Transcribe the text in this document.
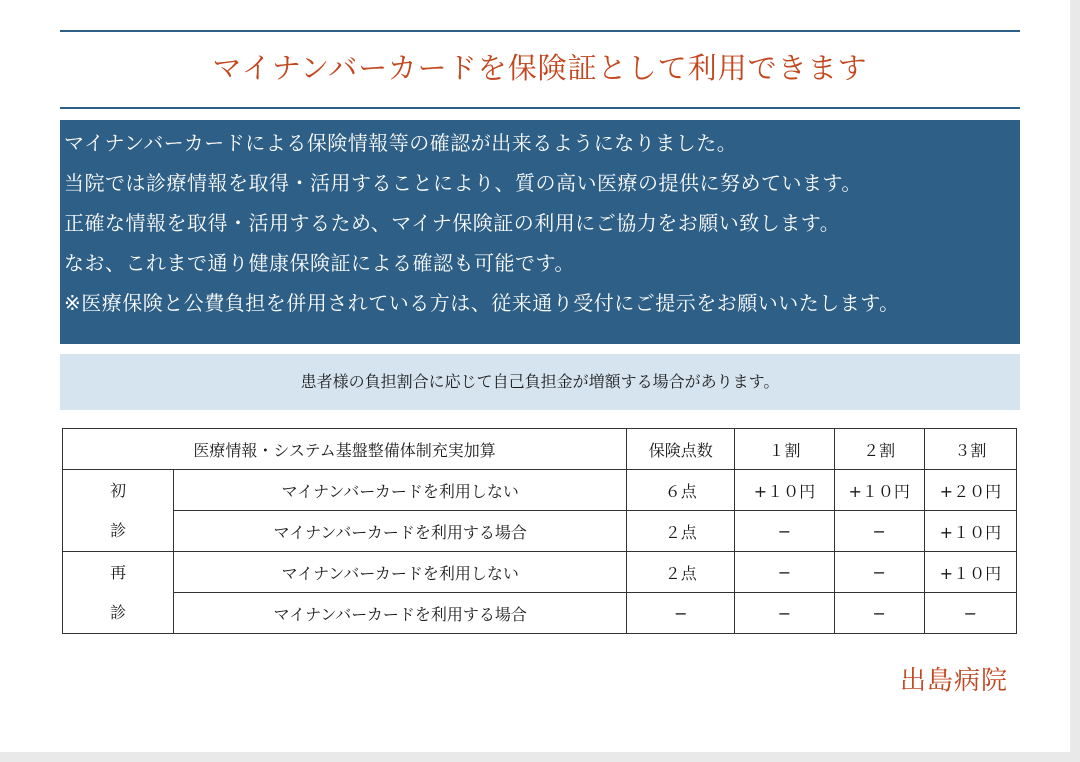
マイナンバーカードを保険証として利用できます
マイナンバーカードによる保険情報等の確認が出来るようになりました。
当院では診療情報を取得・活用することにより、質の高い医療の提供に努めています。
正確な情報を取得・活用するため、マイナ保険証の利用にご協力をお願い致します。
なお、これまで通り健康保険証による確認も可能です。
※医療保険と公費負担を併用されている方は、従来通り受付にご提示をお願いいたします。
患者様の負担割合に応じて自己負担金が増額する場合があります。
医療情報・システム基盤整備体制充実加算		保険点数	１割	２割	３割

初
診	マイナンバーカードを利用しない	６点	+１０円	+１０円	+２０円
	マイナンバーカードを利用する場合	２点	−	−	+１０円

再
診	マイナンバーカードを利用しない	２点	−	−	+１０円
	マイナンバーカードを利用する場合	−	−	−	−
出島病院
